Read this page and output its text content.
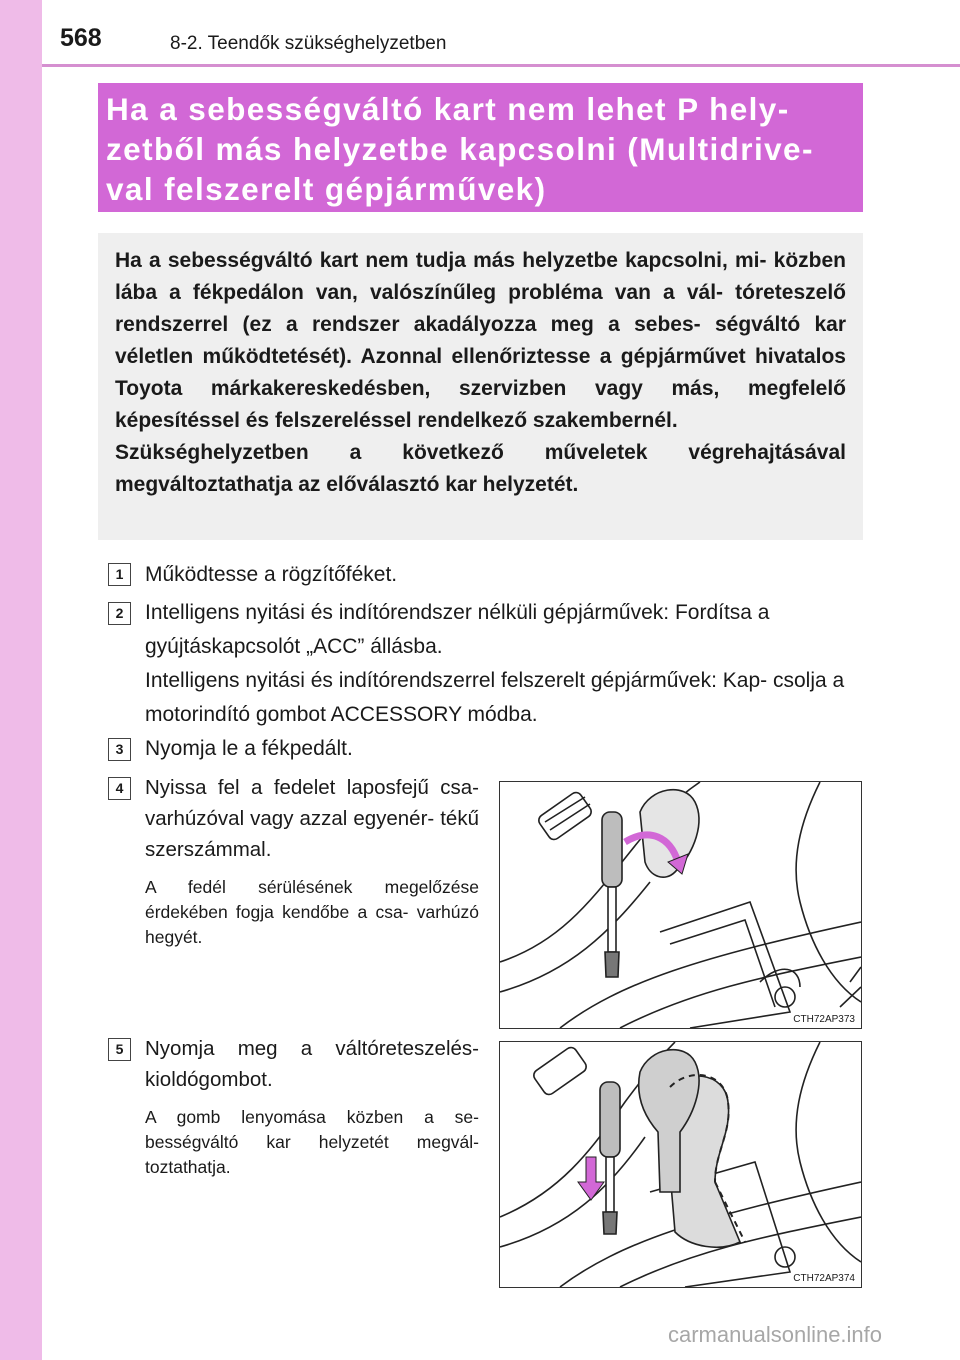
568	8-2. Teendők szükséghelyzetben
Ha a sebességváltó kart nem lehet P hely-
zetből más helyzetbe kapcsolni (Multidrive-
val felszerelt gépjárművek)
Ha a sebességváltó kart nem tudja más helyzetbe kapcsolni, mi- közben lába a fékpedálon van, valószínűleg probléma van a vál- tóreteszelő rendszerrel (ez a rendszer akadályozza meg a sebes- ségváltó kar véletlen működtetését). Azonnal ellenőriztesse a gépjárművet hivatalos Toyota márkakereskedésben, szervizben vagy más, megfelelő képesítéssel és felszereléssel rendelkező szakembernél.
Szükséghelyzetben a következő műveletek végrehajtásával megváltoztathatja az előválasztó kar helyzetét.
1	Működtesse a rögzítőféket.
2	Intelligens nyitási és indítórendszer nélküli gépjárművek: Fordítsa a gyújtáskapcsolót „ACC” állásba.
Intelligens nyitási és indítórendszerrel felszerelt gépjárművek: Kap- csolja a motorindító gombot ACCESSORY módba.
3	Nyomja le a fékpedált.
4	Nyissa fel a fedelet laposfejű csa- varhúzóval vagy azzal egyenér- tékű szerszámmal.
A fedél sérülésének megelőzése érdekében fogja kendőbe a csa- varhúzó hegyét.
CTH72AP373
5	Nyomja meg a váltóreteszelés- kioldógombot.
A gomb lenyomása közben a se- bességváltó kar helyzetét megvál- toztathatja.
CTH72AP374
carmanualsonline.info
